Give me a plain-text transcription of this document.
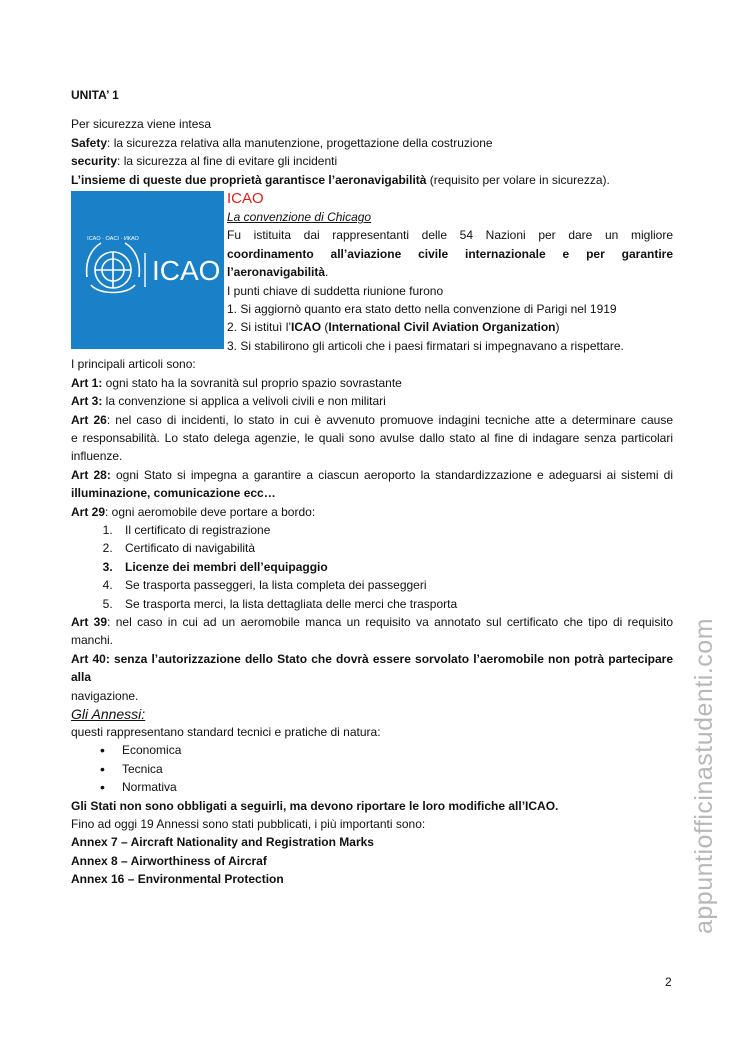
UNITA’ 1

Per sicurezza viene intesa

Safety: la sicurezza relativa alla manutenzione, progettazione della costruzione

security: la sicurezza al fine di evitare gli incidenti

L’insieme di queste due proprietà garantisce l’aeronavigabilità (requisito per volare in sicurezza).

ICAO · OACI · ИКАО
ICAO
ICAO
La convenzione di Chicago

Fu istituita dai rappresentanti delle 54 Nazioni per dare un migliore

coordinamento all’aviazione civile internazionale e per garantire

l’aeronavigabilità.

I punti chiave di suddetta riunione furono

1. Si aggiornò quanto era stato detto nella convenzione di Parigi nel 1919

2. Si istituì l’ICAO (International Civil Aviation Organization)

3. Si stabilirono gli articoli che i paesi firmatari si impegnavano a rispettare.

I principali articoli sono:

Art 1: ogni stato ha la sovranità sul proprio spazio sovrastante

Art 3: la convenzione si applica a velivoli civili e non militari

Art 26: nel caso di incidenti, lo stato in cui è avvenuto promuove indagini tecniche atte a determinare cause

e responsabilità. Lo stato delega agenzie, le quali sono avulse dallo stato al fine di indagare senza particolari

influenze.

Art 28: ogni Stato si impegna a garantire a ciascun aeroporto la standardizzazione e adeguarsi ai sistemi di

illuminazione, comunicazione ecc…

Art 29: ogni aeromobile deve portare a bordo:

1. Il certificato di registrazione
2. Certificato di navigabilità
3. Licenze dei membri dell’equipaggio
4. Se trasporta passeggeri, la lista completa dei passeggeri
5. Se trasporta merci, la lista dettagliata delle merci che trasporta

Art 39: nel caso in cui ad un aeromobile manca un requisito va annotato sul certificato che tipo di requisito

manchi.

Art 40: senza l’autorizzazione dello Stato che dovrà essere sorvolato l’aeromobile non potrà partecipare alla

navigazione.

Gli Annessi:

questi rappresentano standard tecnici e pratiche di natura:

• Economica
• Tecnica
• Normativa

Gli Stati non sono obbligati a seguirli, ma devono riportare le loro modifiche all’ICAO.

Fino ad oggi 19 Annessi sono stati pubblicati, i più importanti sono:

Annex 7 – Aircraft Nationality and Registration Marks

Annex 8 – Airworthiness of Aircraf

Annex 16 – Environmental Protection	appuntiofficinastudenti.com
2
